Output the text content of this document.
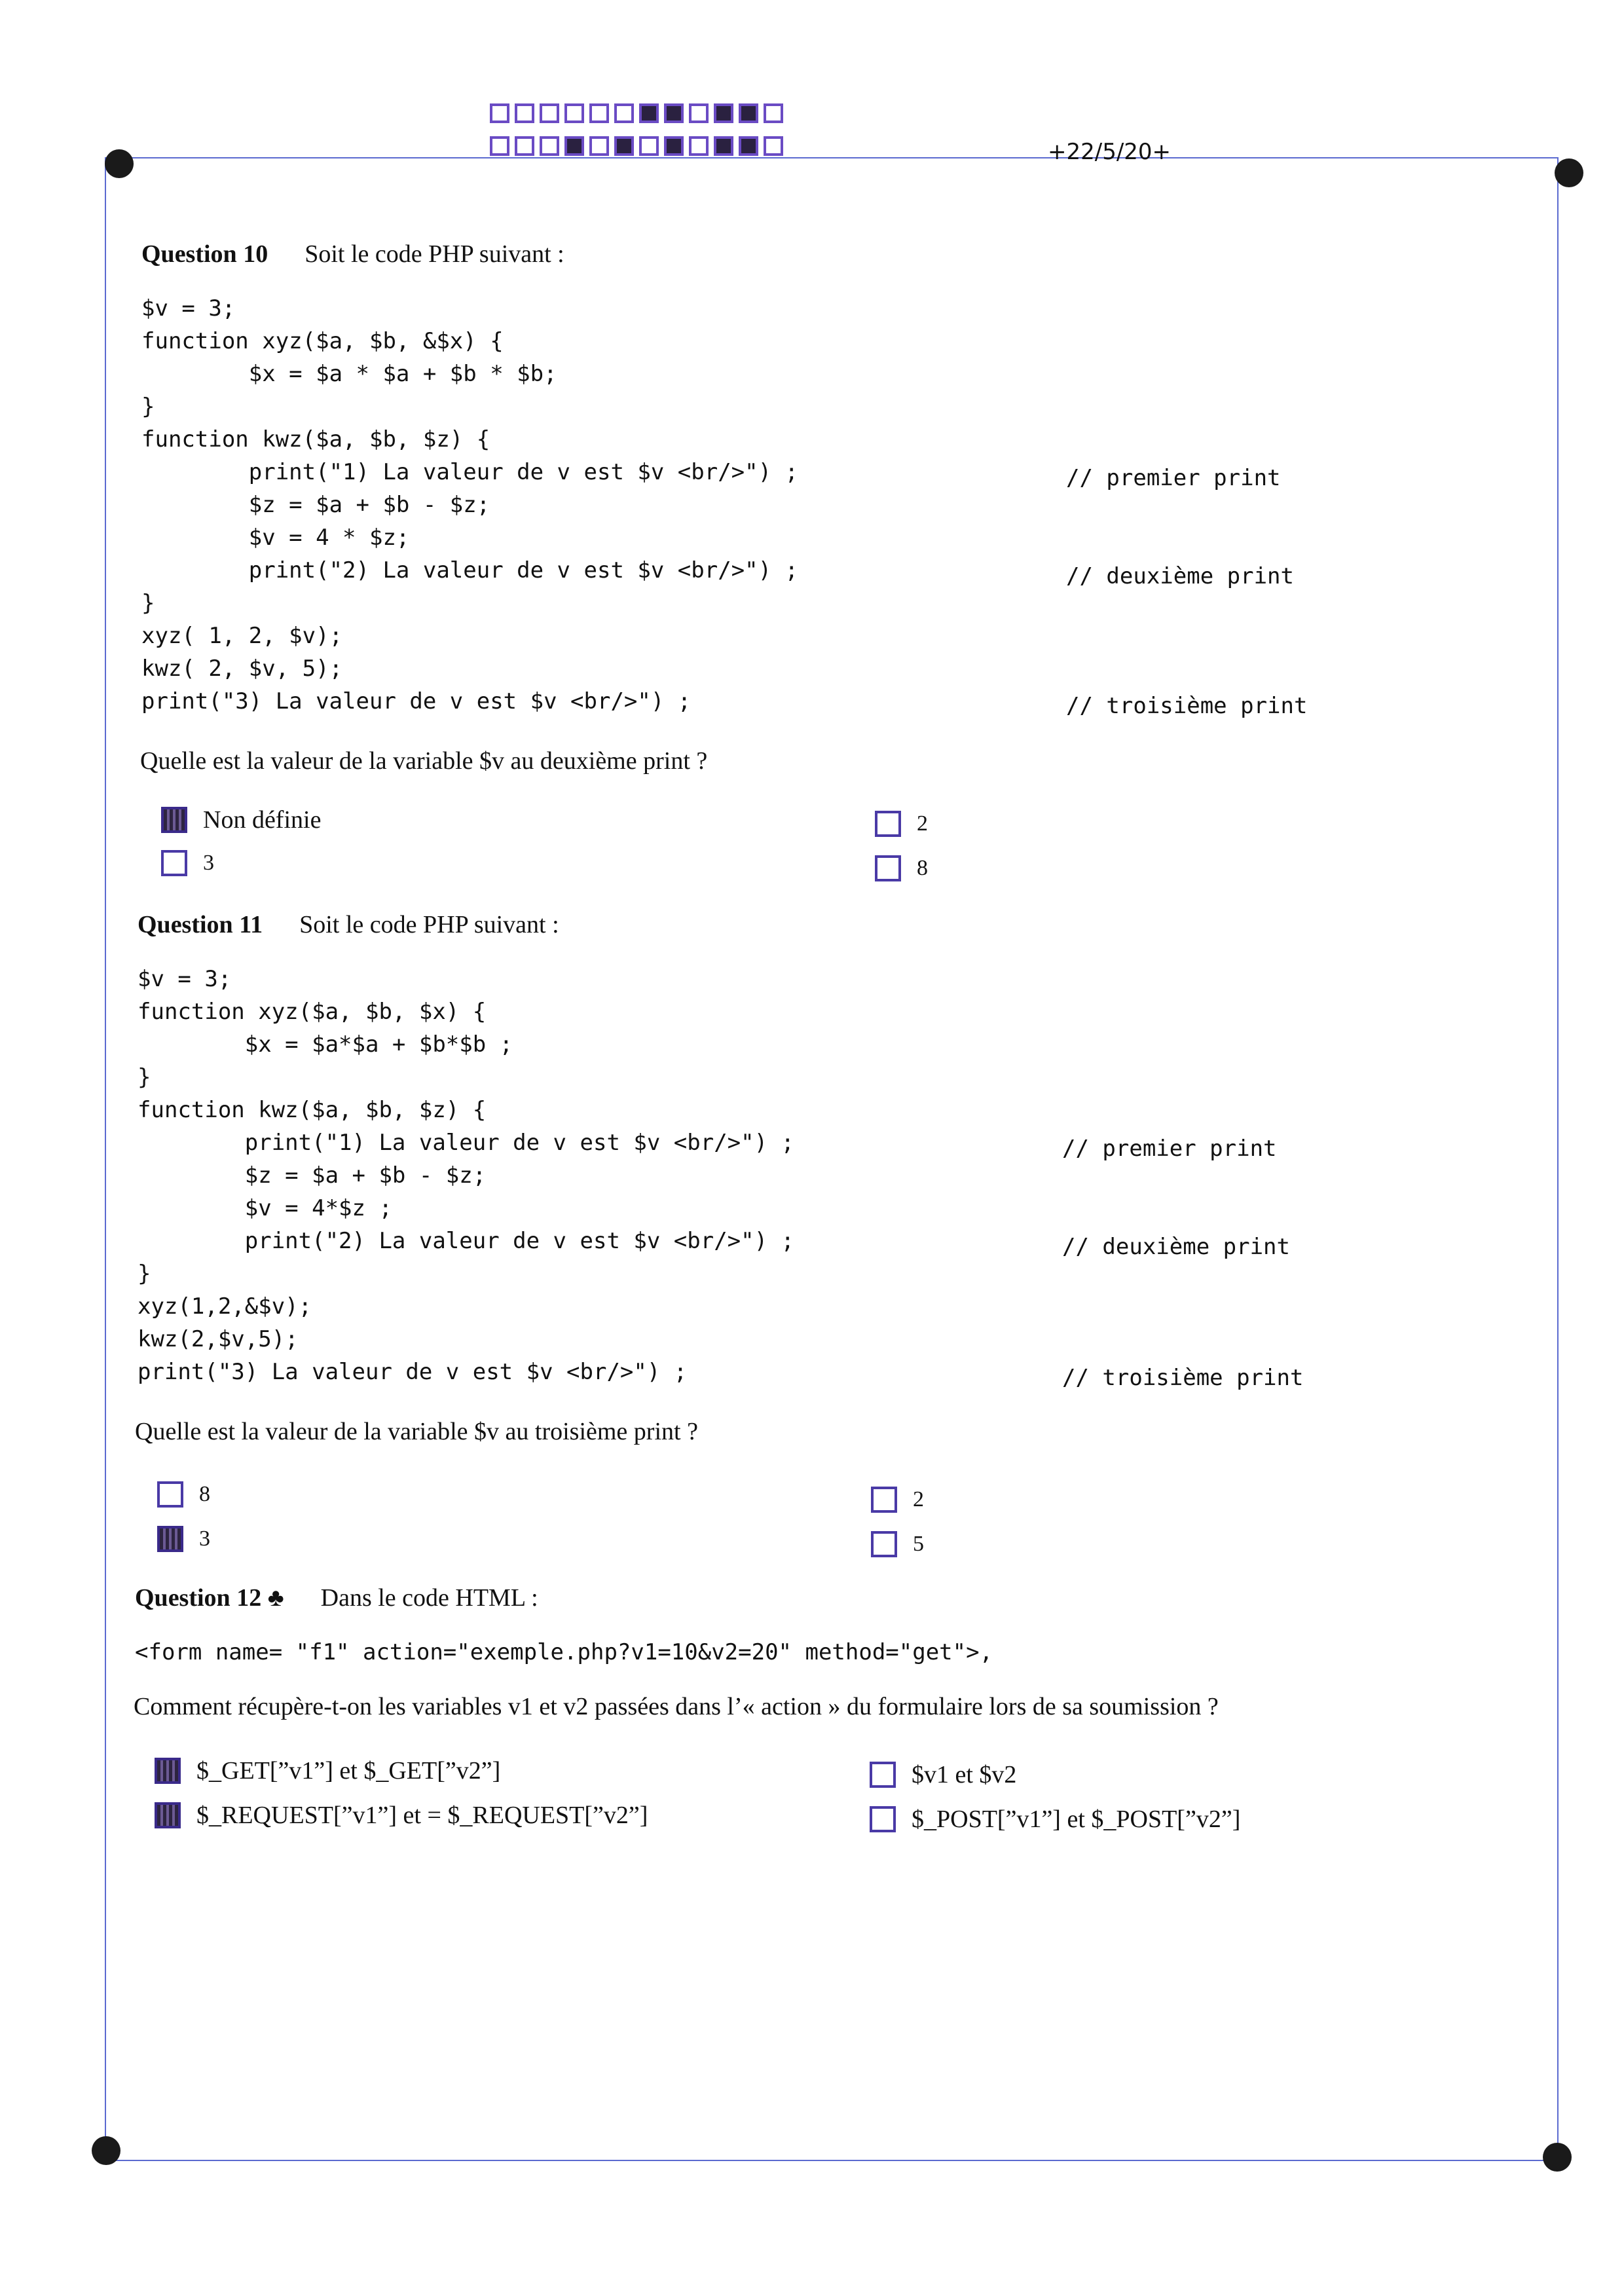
+22/5/20+
Question 10 Soit le code PHP suivant :
$v = 3;
function xyz($a, $b, &$x) {
$x = $a * $a + $b * $b;
}
function kwz($a, $b, $z) {
print("1) La valeur de v est $v <br/>") ;
$z = $a + $b - $z;
$v = 4 * $z;
print("2) La valeur de v est $v <br/>") ;
}
xyz( 1, 2, $v);
kwz( 2, $v, 5);
print("3) La valeur de v est $v <br/>") ;
// premier print
// deuxième print
// troisième print
Quelle est la valeur de la variable $v au deuxième print ?
Non définie
3
2
8
Question 11 Soit le code PHP suivant :
$v = 3;
function xyz($a, $b, $x) {
$x = $a*$a + $b*$b ;
}
function kwz($a, $b, $z) {
print("1) La valeur de v est $v <br/>") ;
$z = $a + $b - $z;
$v = 4*$z ;
print("2) La valeur de v est $v <br/>") ;
}
xyz(1,2,&$v);
kwz(2,$v,5);
print("3) La valeur de v est $v <br/>") ;
// premier print
// deuxième print
// troisième print
Quelle est la valeur de la variable $v au troisième print ?
8
3
2
5
Question 12 ♣ Dans le code HTML :
<form name= "f1" action="exemple.php?v1=10&v2=20" method="get">,
Comment récupère-t-on les variables v1 et v2 passées dans l’« action » du formulaire lors de sa soumission ?
$_GET[”v1”] et $_GET[”v2”]
$_REQUEST[”v1”] et = $_REQUEST[”v2”]
$v1 et $v2
$_POST[”v1”] et $_POST[”v2”]
